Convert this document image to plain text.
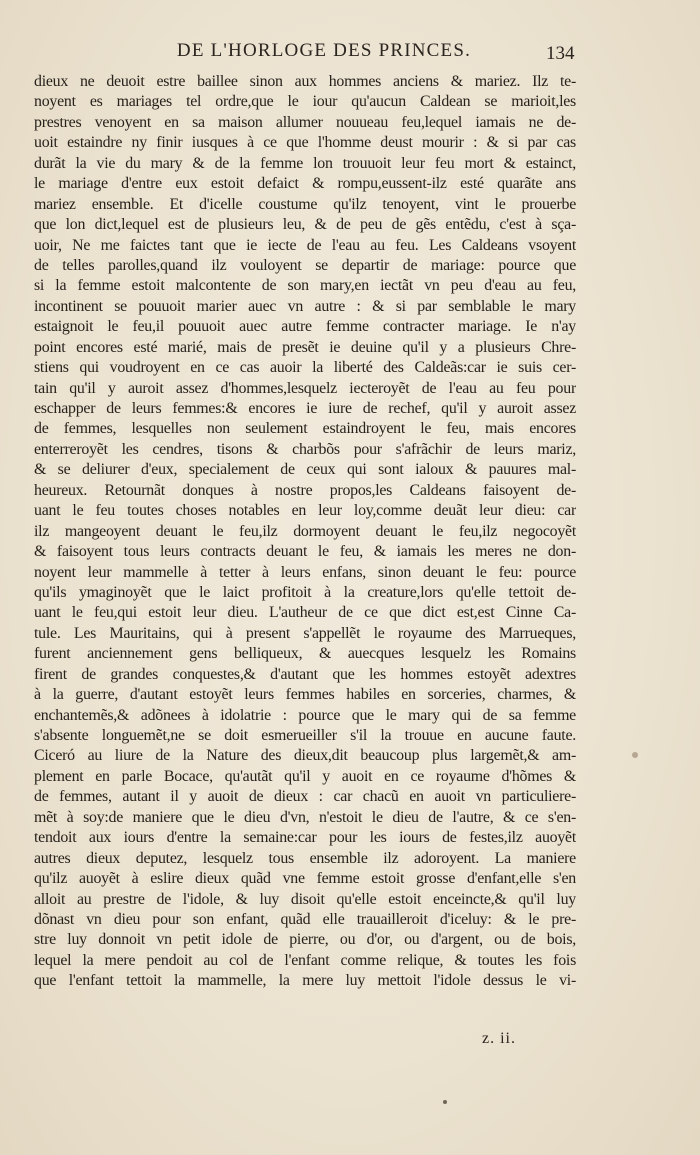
DE L'HORLOGE DES PRINCES.	134
dieux ne deuoit estre baillee sinon aux hommes anciens & mariez. Ilz te-
noyent es mariages tel ordre,que le iour qu'aucun Caldean se marioit,les
prestres venoyent en sa maison allumer nouueau feu,lequel iamais ne de-
uoit estaindre ny finir iusques à ce que l'homme deust mourir : & si par cas
durãt la vie du mary & de la femme lon trouuoit leur feu mort & estainct,
le mariage d'entre eux estoit defaict & rompu,eussent-ilz esté quarãte ans
mariez ensemble. Et d'icelle coustume qu'ilz tenoyent, vint le prouerbe
que lon dict,lequel est de plusieurs leu, & de peu de gẽs entẽdu, c'est à sça-
uoir, Ne me faictes tant que ie iecte de l'eau au feu. Les Caldeans vsoyent
de telles parolles,quand ilz vouloyent se departir de mariage: pource que
si la femme estoit malcontente de son mary,en iectãt vn peu d'eau au feu,
incontinent se pouuoit marier auec vn autre : & si par semblable le mary
estaignoit le feu,il pouuoit auec autre femme contracter mariage. Ie n'ay
point encores esté marié, mais de presẽt ie deuine qu'il y a plusieurs Chre-
stiens qui voudroyent en ce cas auoir la liberté des Caldeãs:car ie suis cer-
tain qu'il y auroit assez d'hommes,lesquelz iecteroyẽt de l'eau au feu pour
eschapper de leurs femmes:& encores ie iure de rechef, qu'il y auroit assez
de femmes, lesquelles non seulement estaindroyent le feu, mais encores
enterreroyẽt les cendres, tisons & charbõs pour s'afrãchir de leurs mariz,
& se deliurer d'eux, specialement de ceux qui sont ialoux & pauures mal-
heureux. Retournãt donques à nostre propos,les Caldeans faisoyent de-
uant le feu toutes choses notables en leur loy,comme deuãt leur dieu: car
ilz mangeoyent deuant le feu,ilz dormoyent deuant le feu,ilz negocoyẽt
& faisoyent tous leurs contracts deuant le feu, & iamais les meres ne don-
noyent leur mammelle à tetter à leurs enfans, sinon deuant le feu: pource
qu'ils ymaginoyẽt que le laict profitoit à la creature,lors qu'elle tettoit de-
uant le feu,qui estoit leur dieu. L'autheur de ce que dict est,est Cinne Ca-
tule. Les Mauritains, qui à present s'appellẽt le royaume des Marrueques,
furent anciennement gens belliqueux, & auecques lesquelz les Romains
firent de grandes conquestes,& d'autant que les hommes estoyẽt adextres
à la guerre, d'autant estoyẽt leurs femmes habiles en sorceries, charmes, &
enchantemẽs,& adõnees à idolatrie : pource que le mary qui de sa femme
s'absente longuemẽt,ne se doit esmerueiller s'il la trouue en aucune faute.
Ciceró au liure de la Nature des dieux,dit beaucoup plus largemẽt,& am-
plement en parle Bocace, qu'autãt qu'il y auoit en ce royaume d'hõmes &
de femmes, autant il y auoit de dieux : car chacũ en auoit vn particuliere-
mẽt à soy:de maniere que le dieu d'vn, n'estoit le dieu de l'autre, & ce s'en-
tendoit aux iours d'entre la semaine:car pour les iours de festes,ilz auoyẽt
autres dieux deputez, lesquelz tous ensemble ilz adoroyent. La maniere
qu'ilz auoyẽt à eslire dieux quãd vne femme estoit grosse d'enfant,elle s'en
alloit au prestre de l'idole, & luy disoit qu'elle estoit enceincte,& qu'il luy
dõnast vn dieu pour son enfant, quãd elle trauailleroit d'iceluy: & le pre-
stre luy donnoit vn petit idole de pierre, ou d'or, ou d'argent, ou de bois,
lequel la mere pendoit au col de l'enfant comme relique, & toutes les fois
que l'enfant tettoit la mammelle, la mere luy mettoit l'idole dessus le vi-
z. ii.
